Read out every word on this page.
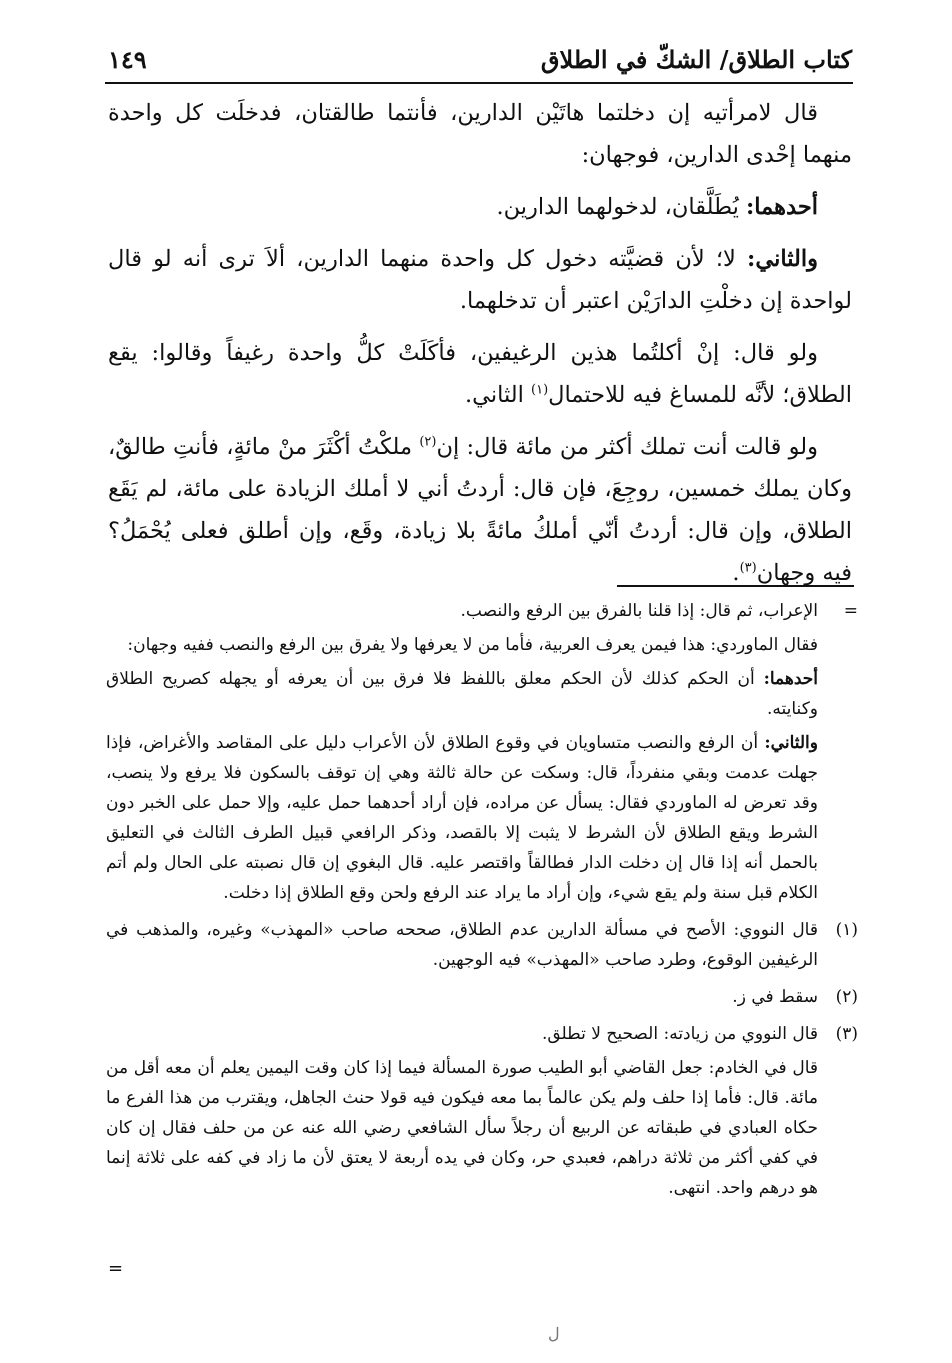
كتاب الطلاق/ الشكّ في الطلاق
١٤٩

قال لامرأتيه إن دخلتما هاتَيْن الدارين، فأنتما طالقتان، فدخلَت كل واحدة منهما إحْدى الدارين، فوجهان:

أحدهما: يُطَلَّقان، لدخولهما الدارين.

والثاني: لا؛ لأن قضيَّته دخول كل واحدة منهما الدارين، ألاَ ترى أنه لو قال لواحدة إن دخلْتِ الدارَيْن اعتبر أن تدخلهما.

ولو قال: إنْ أكلتُما هذين الرغيفين، فأكَلَتْ كلُّ واحدة رغيفاً وقالوا: يقع الطلاق؛ لأنَّه للمساغ فيه للاحتمال$^{(١)}$ الثاني.

ولو قالت أنت تملك أكثر من مائة قال: إن$^{(٢)}$ ملكْتُ أكْثَرَ منْ مائةٍ، فأنتِ طالقٌ، وكان يملك خمسين، روجِعَ، فإن قال: أردتُ أني لا أملك الزيادة على مائة، لم يَقَع الطلاق، وإن قال: أردتُ أنّي أملكُ مائةً بلا زيادة، وقَع، وإن أطلق فعلى يُحْمَلُ؟ فيه وجهان$^{(٣)}$.

=

الإعراب، ثم قال: إذا قلنا بالفرق بين الرفع والنصب.

فقال الماوردي: هذا فيمن يعرف العربية، فأما من لا يعرفها ولا يفرق بين الرفع والنصب ففيه وجهان:

أحدهما: أن الحكم كذلك لأن الحكم معلق باللفظ فلا فرق بين أن يعرفه أو يجهله كصريح الطلاق وكنايته.

والثاني: أن الرفع والنصب متساويان في وقوع الطلاق لأن الأعراب دليل على المقاصد والأغراض، فإذا جهلت عدمت وبقي منفرداً، قال: وسكت عن حالة ثالثة وهي إن توقف بالسكون فلا يرفع ولا ينصب، وقد تعرض له الماوردي فقال: يسأل عن مراده، فإن أراد أحدهما حمل عليه، وإلا حمل على الخبر دون الشرط ويقع الطلاق لأن الشرط لا يثبت إلا بالقصد، وذكر الرافعي قبيل الطرف الثالث في التعليق بالحمل أنه إذا قال إن دخلت الدار فطالقاً واقتصر عليه. قال البغوي إن قال نصبته على الحال ولم أتم الكلام قبل سنة ولم يقع شيء، وإن أراد ما يراد عند الرفع ولحن وقع الطلاق إذا دخلت.

(١)

قال النووي: الأصح في مسألة الدارين عدم الطلاق، صححه صاحب «المهذب» وغيره، والمذهب في الرغيفين الوقوع، وطرد صاحب «المهذب» فيه الوجهين.

(٢)

سقط في ز.

(٣)

قال النووي من زيادته: الصحيح لا تطلق.

قال في الخادم: جعل القاضي أبو الطيب صورة المسألة فيما إذا كان وقت اليمين يعلم أن معه أقل من مائة. قال: فأما إذا حلف ولم يكن عالماً بما معه فيكون فيه قولا حنث الجاهل، ويقترب من هذا الفرع ما حكاه العبادي في طبقاته عن الربيع أن رجلاً سأل الشافعي رضي الله عنه عن من حلف فقال إن كان في كفي أكثر من ثلاثة دراهم، فعبدي حر، وكان في يده أربعة لا يعتق لأن ما زاد في كفه على ثلاثة إنما هو درهم واحد. انتهى.

=
ل
